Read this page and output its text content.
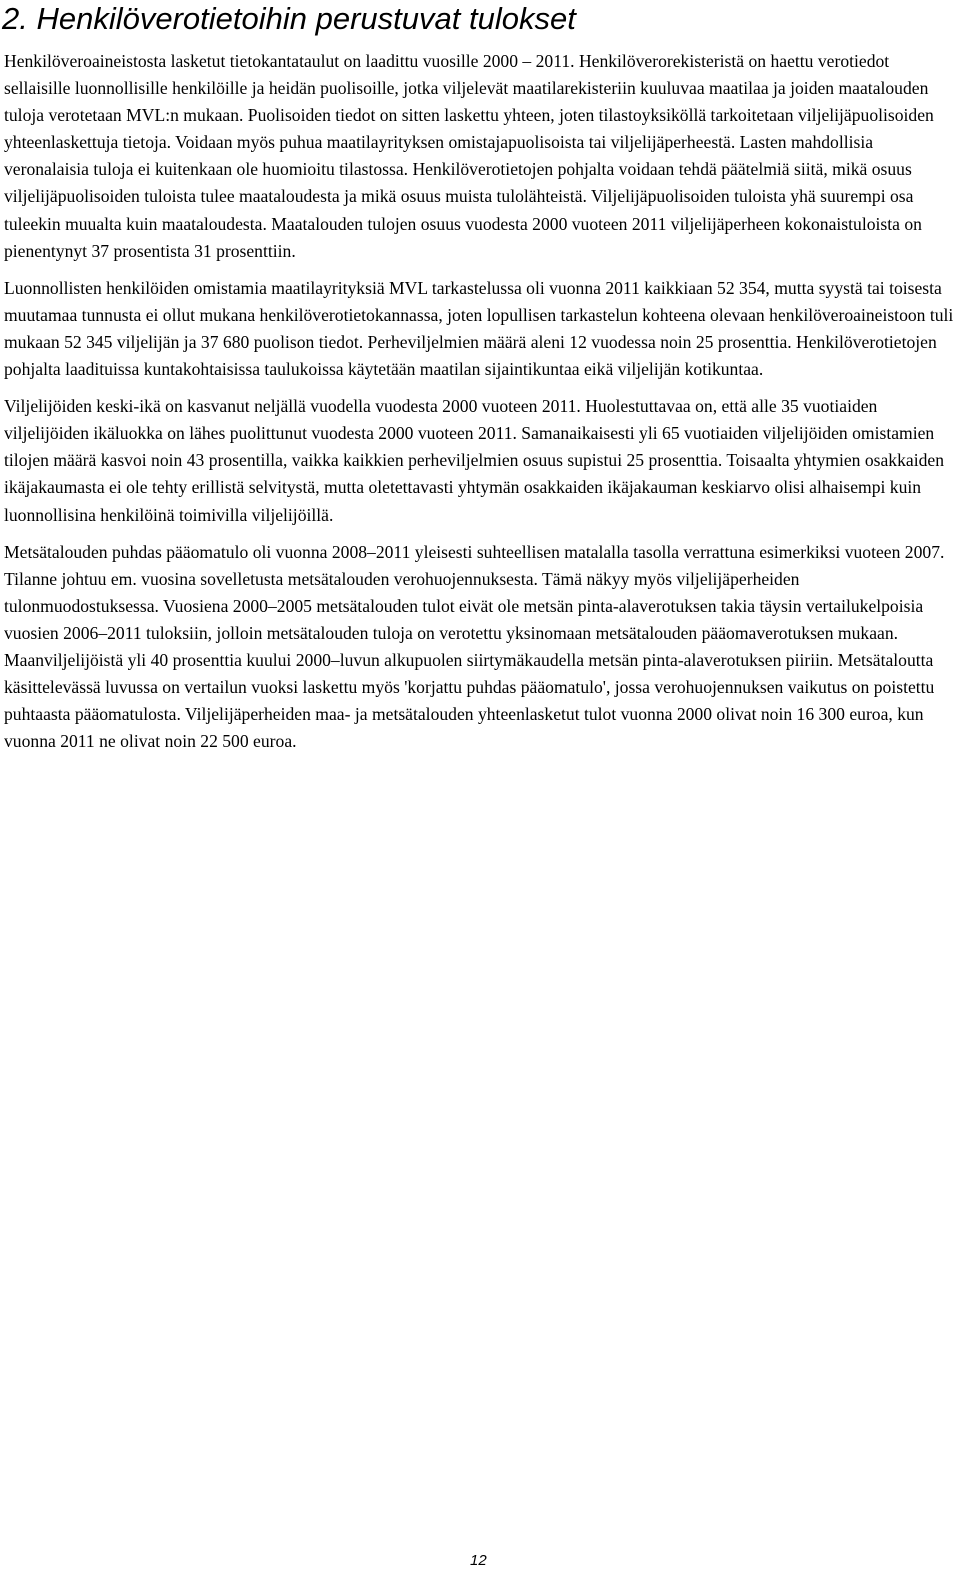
2. Henkilöverotietoihin perustuvat tulokset

Henkilöveroaineistosta lasketut tietokantataulut on laadittu vuosille 2000 – 2011. Henkilöverorekisteristä on haettu verotiedot sellaisille luonnollisille henkilöille ja heidän puolisoille, jotka viljelevät maatilarekisteriin kuuluvaa maatilaa ja joiden maatalouden tuloja verotetaan MVL:n mukaan. Puolisoiden tiedot on sitten laskettu yhteen, joten tilastoyksiköllä tarkoitetaan viljelijäpuolisoiden yhteenlaskettuja tietoja. Voidaan myös puhua maatilayrityksen omistajapuolisoista tai viljelijäperheestä. Lasten mahdollisia veronalaisia tuloja ei kuitenkaan ole huomioitu tilastossa. Henkilöverotietojen pohjalta voidaan tehdä päätelmiä siitä, mikä osuus viljelijäpuolisoiden tuloista tulee maataloudesta ja mikä osuus muista tulolähteistä. Viljelijäpuolisoiden tuloista yhä suurempi osa tuleekin muualta kuin maataloudesta. Maatalouden tulojen osuus vuodesta 2000 vuoteen 2011 viljelijäperheen kokonaistuloista on pienentynyt 37 prosentista 31 prosenttiin.

Luonnollisten henkilöiden omistamia maatilayrityksiä MVL tarkastelussa oli vuonna 2011 kaikkiaan 52 354, mutta syystä tai toisesta muutamaa tunnusta ei ollut mukana henkilöverotietokannassa, joten lopullisen tarkastelun kohteena olevaan henkilöveroaineistoon tuli mukaan 52 345 viljelijän ja 37 680 puolison tiedot. Perheviljelmien määrä aleni 12 vuodessa noin 25 prosenttia. Henkilöverotietojen pohjalta laadituissa kuntakohtaisissa taulukoissa käytetään maatilan sijaintikuntaa eikä viljelijän kotikuntaa.

Viljelijöiden keski-ikä on kasvanut neljällä vuodella vuodesta 2000 vuoteen 2011. Huolestuttavaa on, että alle 35 vuotiaiden viljelijöiden ikäluokka on lähes puolittunut vuodesta 2000 vuoteen 2011. Samanaikaisesti yli 65 vuotiaiden viljelijöiden omistamien tilojen määrä kasvoi noin 43 prosentilla, vaikka kaikkien perheviljelmien osuus supistui 25 prosenttia. Toisaalta yhtymien osakkaiden ikäjakaumasta ei ole tehty erillistä selvitystä, mutta oletettavasti yhtymän osakkaiden ikäjakauman keskiarvo olisi alhaisempi kuin luonnollisina henkilöinä toimivilla viljelijöillä.

Metsätalouden puhdas pääomatulo oli vuonna 2008–2011 yleisesti suhteellisen matalalla tasolla verrattuna esimerkiksi vuoteen 2007. Tilanne johtuu em. vuosina sovelletusta metsätalouden verohuojennuksesta. Tämä näkyy myös viljelijäperheiden tulonmuodostuksessa. Vuosiena 2000–2005 metsätalouden tulot eivät ole metsän pinta-alaverotuksen takia täysin vertailukelpoisia vuosien 2006–2011 tuloksiin, jolloin metsätalouden tuloja on verotettu yksinomaan metsätalouden pääomaverotuksen mukaan. Maanviljelijöistä yli 40 prosenttia kuului 2000–luvun alkupuolen siirtymäkaudella metsän pinta-alaverotuksen piiriin. Metsätaloutta käsittelevässä luvussa on vertailun vuoksi laskettu myös 'korjattu puhdas pääomatulo', jossa verohuojennuksen vaikutus on poistettu puhtaasta pääomatulosta. Viljelijäperheiden maa- ja metsätalouden yhteenlasketut tulot vuonna 2000 olivat noin 16 300 euroa, kun vuonna 2011 ne olivat noin 22 500 euroa.

12
